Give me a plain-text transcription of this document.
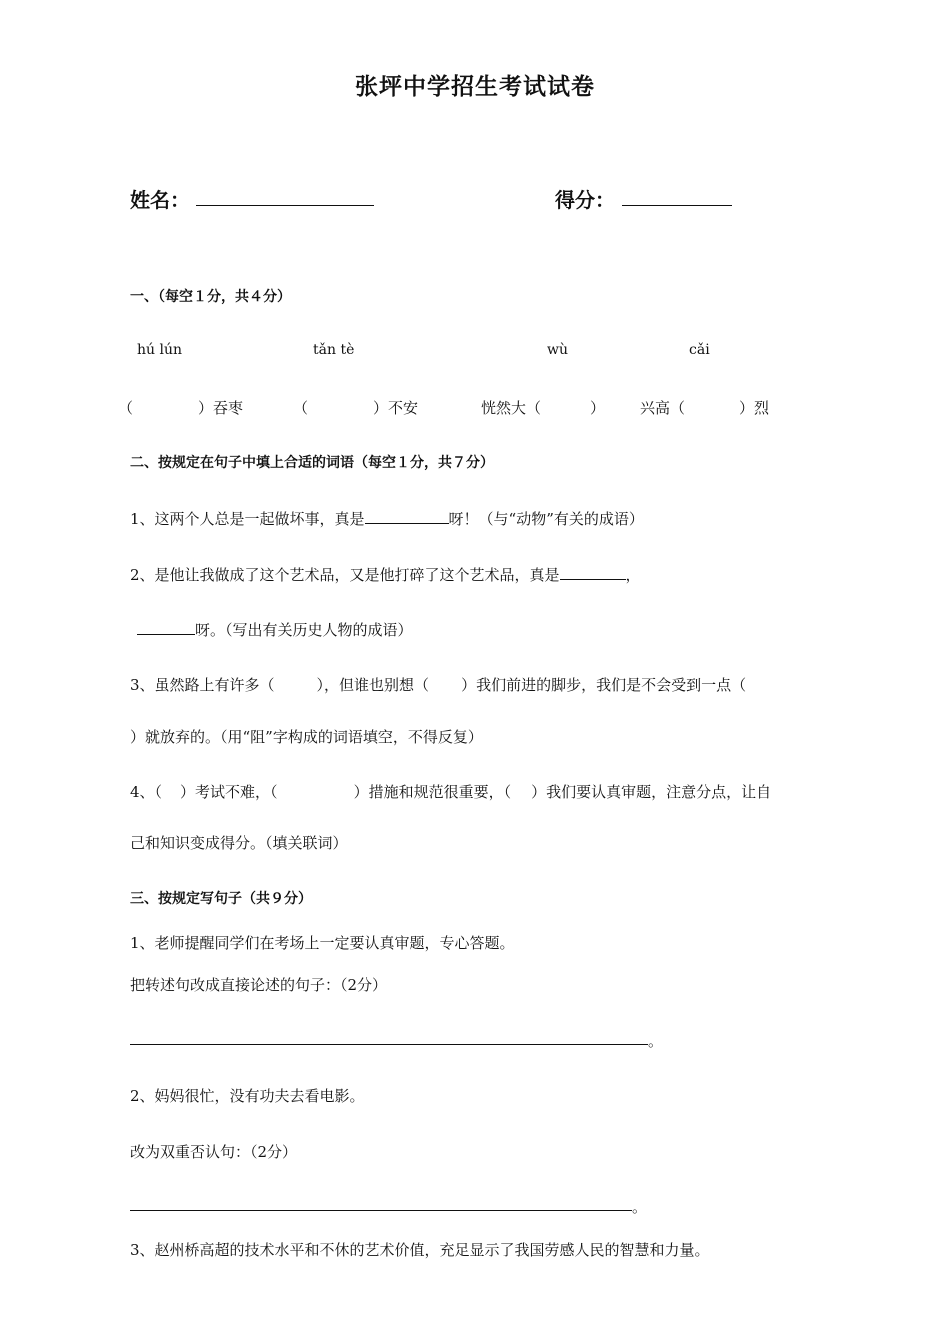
张坪中学招生考试试卷
姓名：	得分：
一、（每空１分，共４分）
hú lún	tǎn tè	wù	cǎi
（	）吞枣	（	）不安	恍然大（	） 兴高（	）烈
二、按规定在句子中填上合适的词语（每空１分，共７分）
1、这两个人总是一起做坏事，真是	呀！（与“动物”有关的成语）
2、是他让我做成了这个艺术品，又是他打碎了这个艺术品，真是	，
呀。（写出有关历史人物的成语）
3、虽然路上有许多（	），但谁也别想（ ）我们前进的脚步，我们是不会受到一点（
）就放弃的。（用“阻”字构成的词语填空，不得反复）
4、（ ）考试不难，（	）措施和规范很重要，（ ）我们要认真审题，注意分点，让自
己和知识变成得分。（填关联词）
三、按规定写句子（共９分）
1、老师提醒同学们在考场上一定要认真审题，专心答题。
把转述句改成直接论述的句子：（2分）
。
2、妈妈很忙，没有功夫去看电影。
改为双重否认句：（2分）
。
3、赵州桥高超的技术水平和不休的艺术价值，充足显示了我国劳感人民的智慧和力量。
